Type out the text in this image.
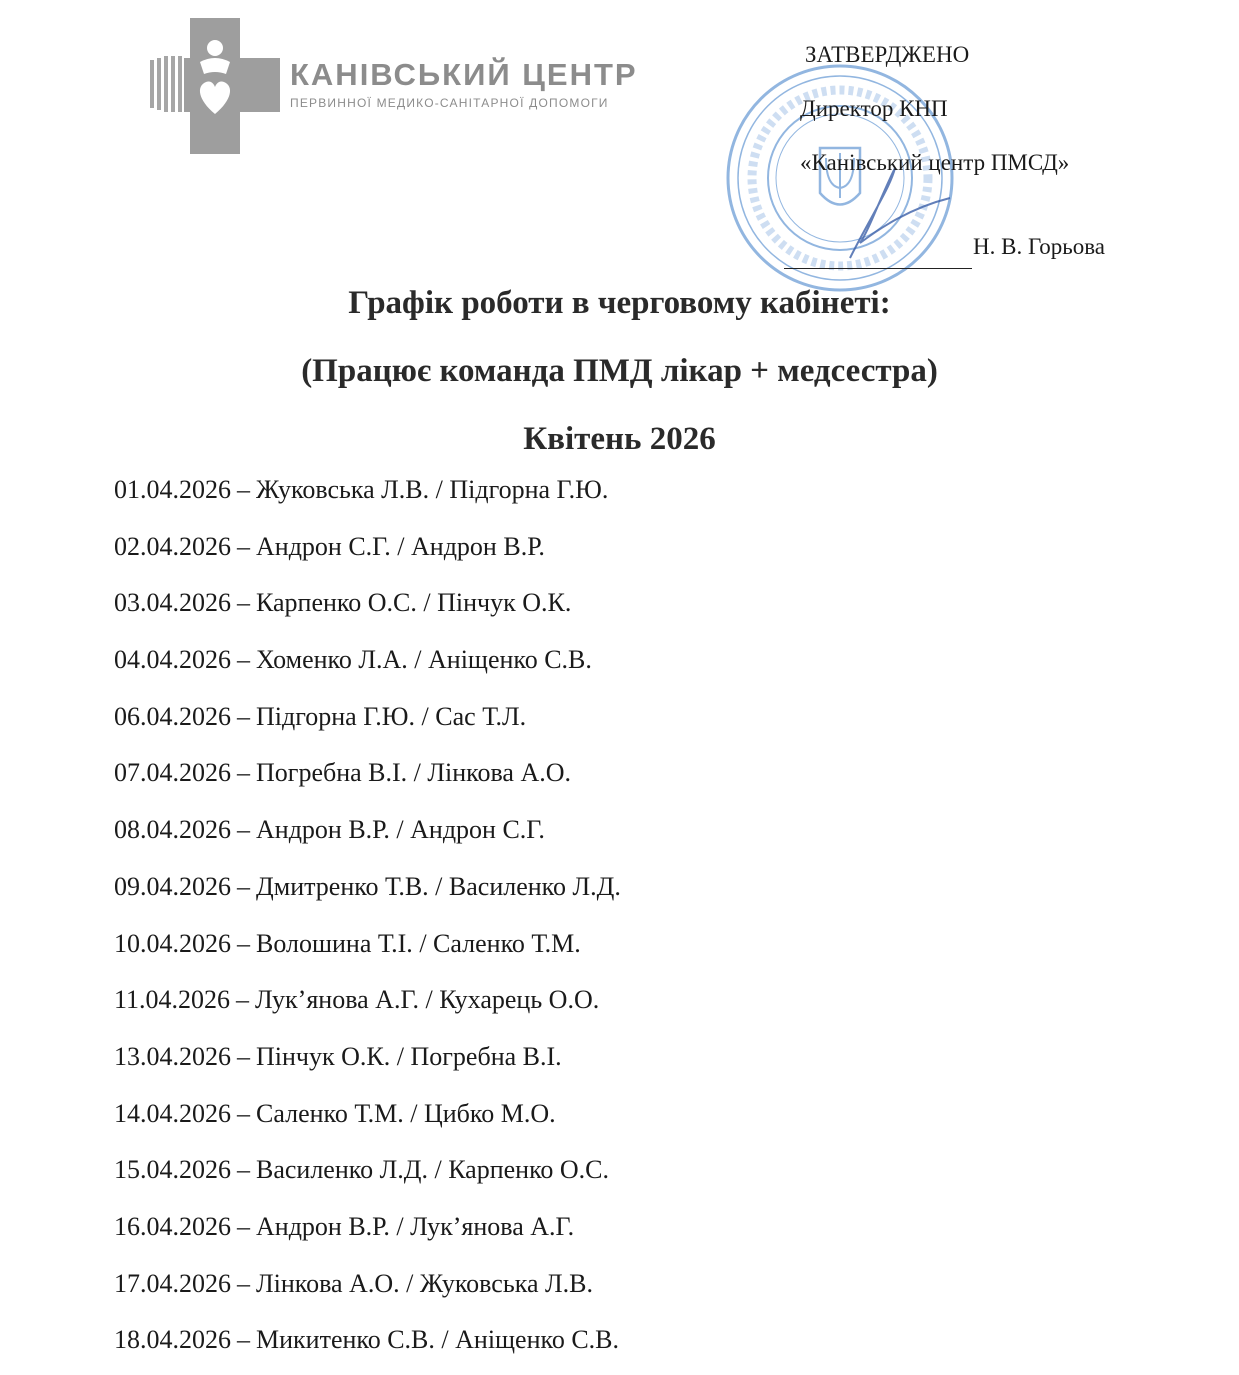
КАНІВСЬКИЙ ЦЕНТР
ПЕРВИННОЇ МЕДИКО-САНІТАРНОЇ ДОПОМОГИ
ЗАТВЕРДЖЕНО
Директор КНП
«Канівський центр ПМСД»
Н. В. Горьова
Графік роботи в черговому кабінеті:
(Працює команда ПМД лікар + медсестра)
Квітень 2026
01.04.2026 – Жуковська Л.В. / Підгорна Г.Ю.
02.04.2026 – Андрон С.Г. / Андрон В.Р.
03.04.2026 – Карпенко О.С. / Пінчук О.К.
04.04.2026 – Хоменко Л.А. / Аніщенко С.В.
06.04.2026 – Підгорна Г.Ю. / Сас Т.Л.
07.04.2026 – Погребна В.І. / Лінкова А.О.
08.04.2026 – Андрон В.Р. / Андрон С.Г.
09.04.2026 – Дмитренко Т.В. / Василенко Л.Д.
10.04.2026 – Волошина Т.І. / Саленко Т.М.
11.04.2026 – Лук’янова А.Г. / Кухарець О.О.
13.04.2026 – Пінчук О.К. / Погребна В.І.
14.04.2026 – Саленко Т.М. / Цибко М.О.
15.04.2026 – Василенко Л.Д. / Карпенко О.С.
16.04.2026 – Андрон В.Р. / Лук’янова А.Г.
17.04.2026 – Лінкова А.О. / Жуковська Л.В.
18.04.2026 – Микитенко С.В. / Аніщенко С.В.
